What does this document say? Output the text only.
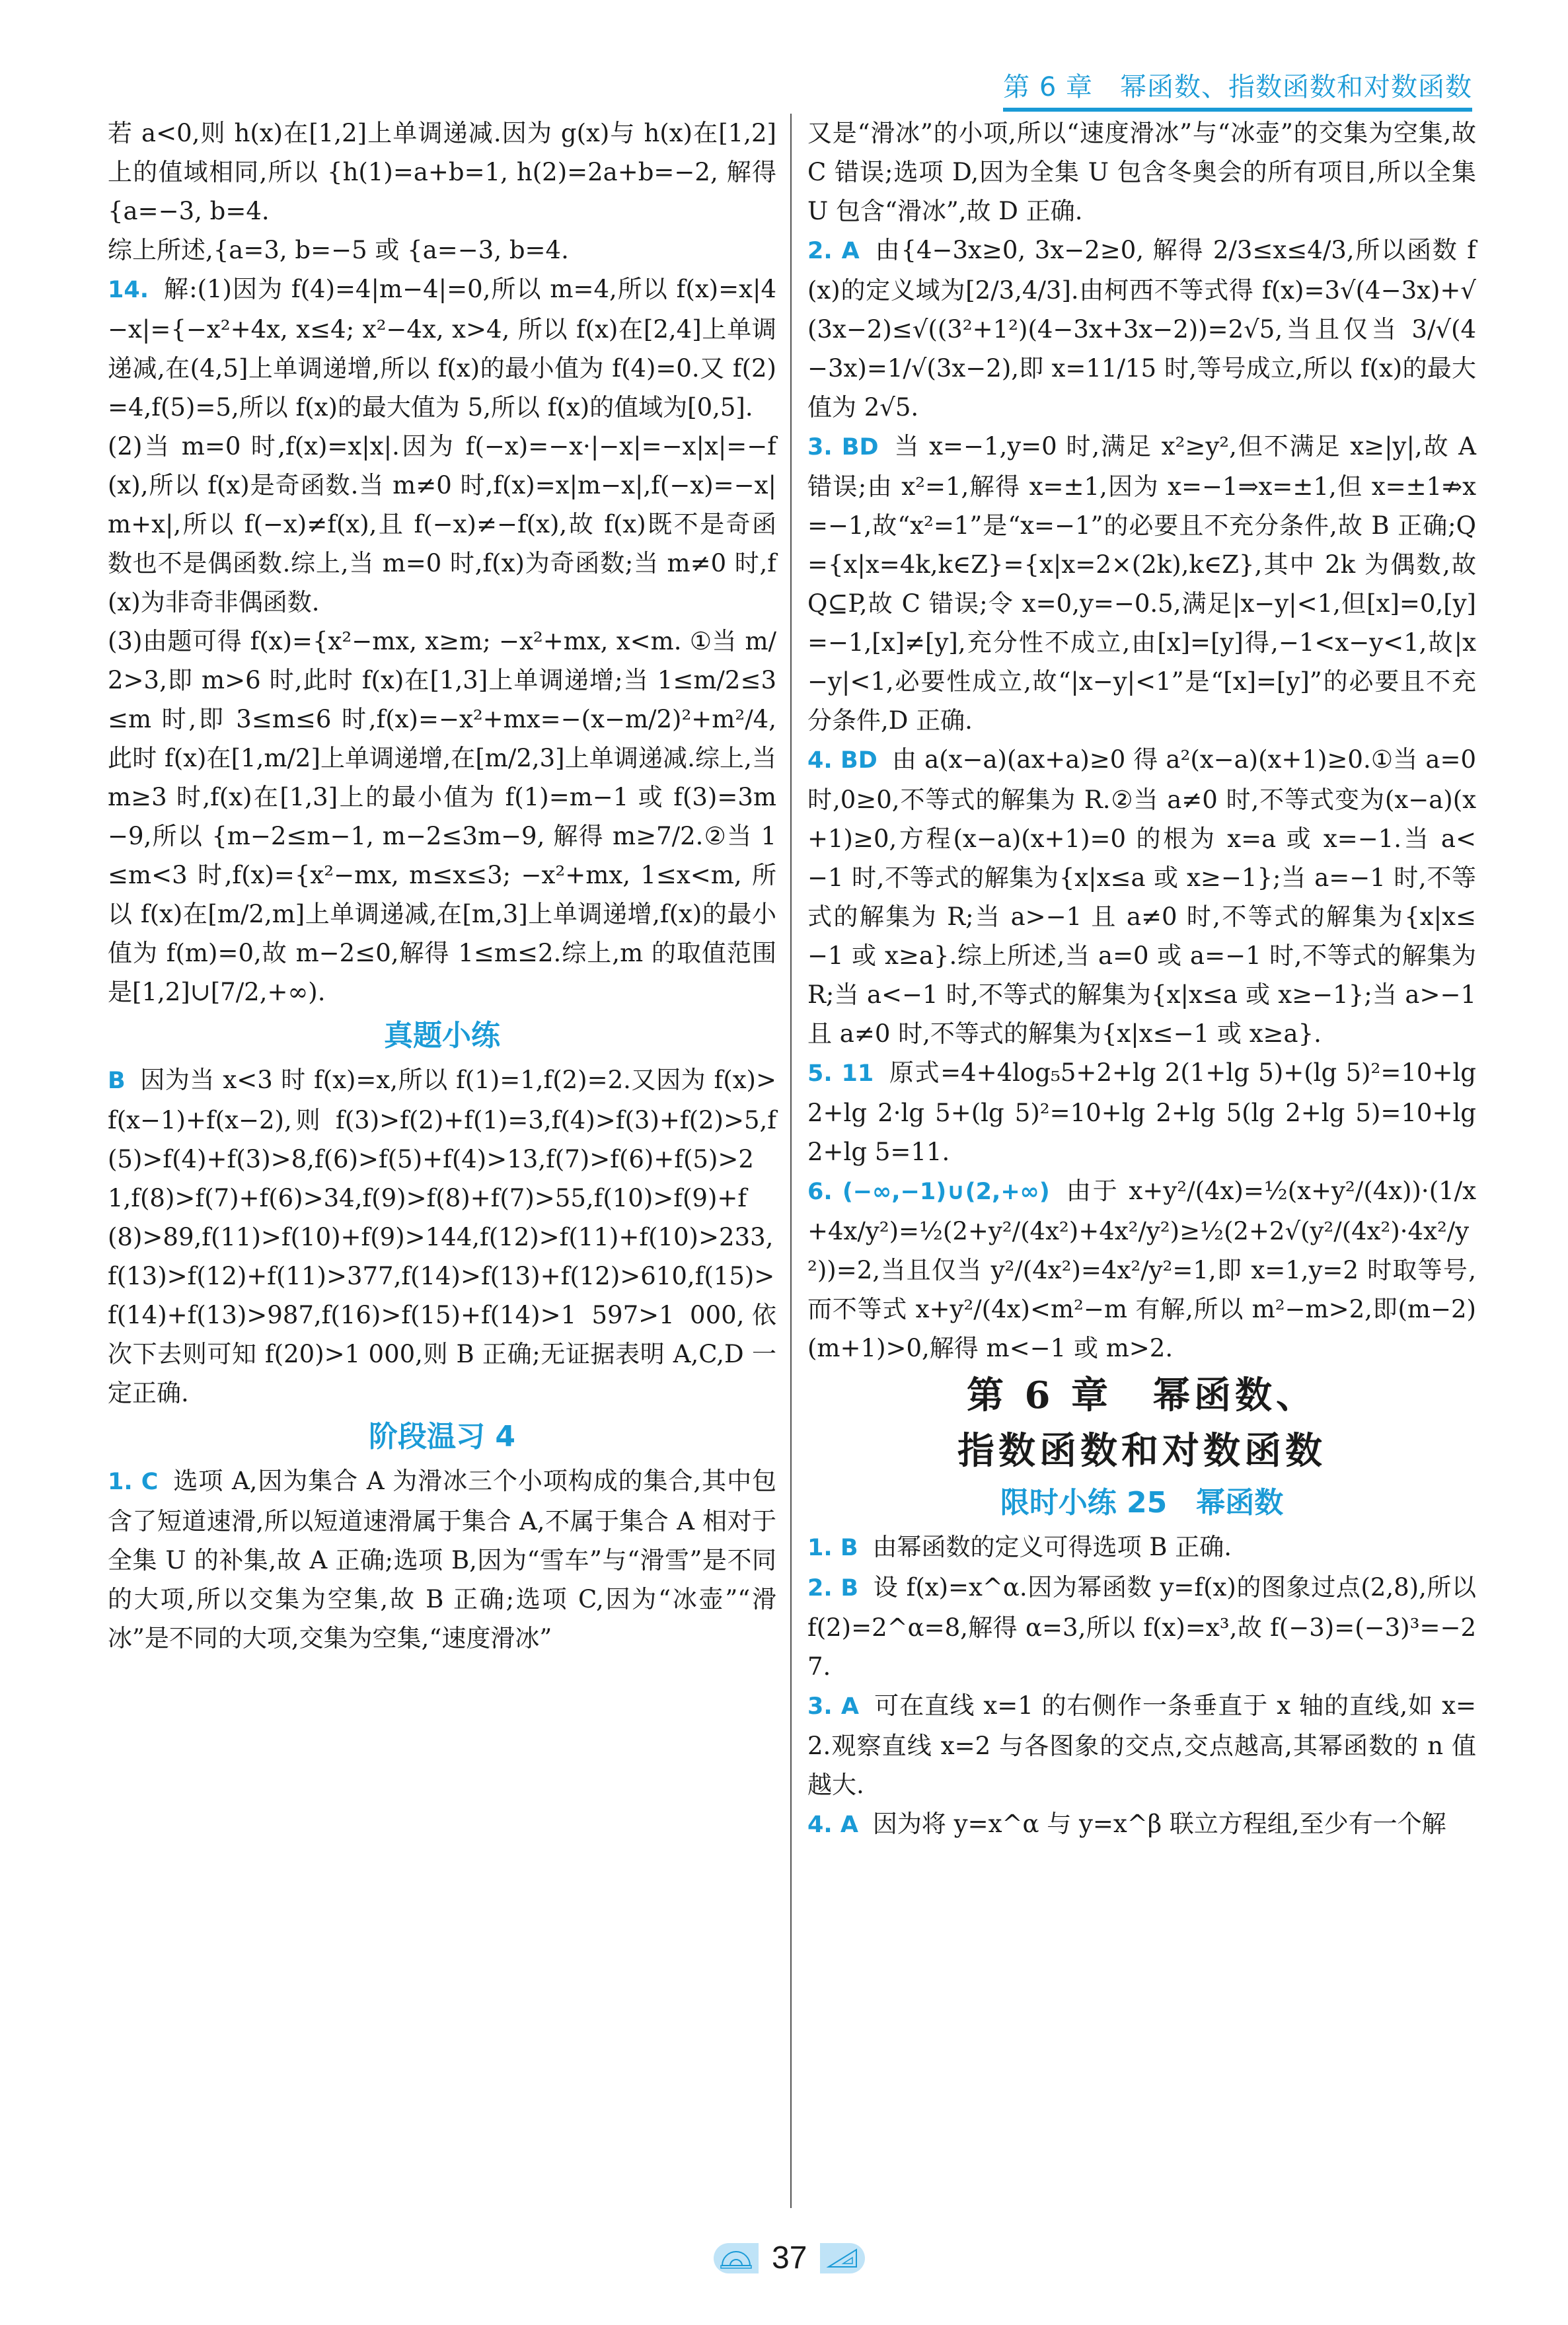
第 6 章　幂函数、指数函数和对数函数

若 a<0,则 h(x)在[1,2]上单调递减.因为 g(x)与 h(x)在[1,2]上的值域相同,所以 {h(1)=a+b=1, h(2)=2a+b=−2, 解得 {a=−3, b=4.

综上所述,{a=3, b=−5 或 {a=−3, b=4.

14. 解:(1)因为 f(4)=4|m−4|=0,所以 m=4,所以 f(x)=x|4−x|={−x²+4x, x≤4; x²−4x, x>4, 所以 f(x)在[2,4]上单调递减,在(4,5]上单调递增,所以 f(x)的最小值为 f(4)=0.又 f(2)=4,f(5)=5,所以 f(x)的最大值为 5,所以 f(x)的值域为[0,5].

(2)当 m=0 时,f(x)=x|x|.因为 f(−x)=−x·|−x|=−x|x|=−f(x),所以 f(x)是奇函数.当 m≠0 时,f(x)=x|m−x|,f(−x)=−x|m+x|,所以 f(−x)≠f(x),且 f(−x)≠−f(x),故 f(x)既不是奇函数也不是偶函数.综上,当 m=0 时,f(x)为奇函数;当 m≠0 时,f(x)为非奇非偶函数.

(3)由题可得 f(x)={x²−mx, x≥m; −x²+mx, x<m. ①当 m/2>3,即 m>6 时,此时 f(x)在[1,3]上单调递增;当 1≤m/2≤3≤m 时,即 3≤m≤6 时,f(x)=−x²+mx=−(x−m/2)²+m²/4,此时 f(x)在[1,m/2]上单调递增,在[m/2,3]上单调递减.综上,当 m≥3 时,f(x)在[1,3]上的最小值为 f(1)=m−1 或 f(3)=3m−9,所以 {m−2≤m−1, m−2≤3m−9, 解得 m≥7/2.②当 1≤m<3 时,f(x)={x²−mx, m≤x≤3; −x²+mx, 1≤x<m, 所以 f(x)在[m/2,m]上单调递减,在[m,3]上单调递增,f(x)的最小值为 f(m)=0,故 m−2≤0,解得 1≤m≤2.综上,m 的取值范围是[1,2]∪[7/2,+∞).

真题小练

B 因为当 x<3 时 f(x)=x,所以 f(1)=1,f(2)=2.又因为 f(x)>f(x−1)+f(x−2),则 f(3)>f(2)+f(1)=3,f(4)>f(3)+f(2)>5,f(5)>f(4)+f(3)>8,f(6)>f(5)+f(4)>13,f(7)>f(6)+f(5)>21,f(8)>f(7)+f(6)>34,f(9)>f(8)+f(7)>55,f(10)>f(9)+f(8)>89,f(11)>f(10)+f(9)>144,f(12)>f(11)+f(10)>233,f(13)>f(12)+f(11)>377,f(14)>f(13)+f(12)>610,f(15)>f(14)+f(13)>987,f(16)>f(15)+f(14)>1 597>1 000,依次下去则可知 f(20)>1 000,则 B 正确;无证据表明 A,C,D 一定正确.

阶段温习 4

1. C 选项 A,因为集合 A 为滑冰三个小项构成的集合,其中包含了短道速滑,所以短道速滑属于集合 A,不属于集合 A 相对于全集 U 的补集,故 A 正确;选项 B,因为“雪车”与“滑雪”是不同的大项,所以交集为空集,故 B 正确;选项 C,因为“冰壶”“滑冰”是不同的大项,交集为空集,“速度滑冰”

又是“滑冰”的小项,所以“速度滑冰”与“冰壶”的交集为空集,故 C 错误;选项 D,因为全集 U 包含冬奥会的所有项目,所以全集 U 包含“滑冰”,故 D 正确.

2. A 由{4−3x≥0, 3x−2≥0, 解得 2/3≤x≤4/3,所以函数 f(x)的定义域为[2/3,4/3].由柯西不等式得 f(x)=3√(4−3x)+√(3x−2)≤√((3²+1²)(4−3x+3x−2))=2√5,当且仅当 3/√(4−3x)=1/√(3x−2),即 x=11/15 时,等号成立,所以 f(x)的最大值为 2√5.

3. BD 当 x=−1,y=0 时,满足 x²≥y²,但不满足 x≥|y|,故 A 错误;由 x²=1,解得 x=±1,因为 x=−1⇒x=±1,但 x=±1⇏x=−1,故“x²=1”是“x=−1”的必要且不充分条件,故 B 正确;Q={x|x=4k,k∈Z}={x|x=2×(2k),k∈Z},其中 2k 为偶数,故 Q⊆P,故 C 错误;令 x=0,y=−0.5,满足|x−y|<1,但[x]=0,[y]=−1,[x]≠[y],充分性不成立,由[x]=[y]得,−1<x−y<1,故|x−y|<1,必要性成立,故“|x−y|<1”是“[x]=[y]”的必要且不充分条件,D 正确.

4. BD 由 a(x−a)(ax+a)≥0 得 a²(x−a)(x+1)≥0.①当 a=0 时,0≥0,不等式的解集为 R.②当 a≠0 时,不等式变为(x−a)(x+1)≥0,方程(x−a)(x+1)=0 的根为 x=a 或 x=−1.当 a<−1 时,不等式的解集为{x|x≤a 或 x≥−1};当 a=−1 时,不等式的解集为 R;当 a>−1 且 a≠0 时,不等式的解集为{x|x≤−1 或 x≥a}.综上所述,当 a=0 或 a=−1 时,不等式的解集为 R;当 a<−1 时,不等式的解集为{x|x≤a 或 x≥−1};当 a>−1 且 a≠0 时,不等式的解集为{x|x≤−1 或 x≥a}.

5. 11 原式=4+4log₅5+2+lg 2(1+lg 5)+(lg 5)²=10+lg 2+lg 2·lg 5+(lg 5)²=10+lg 2+lg 5(lg 2+lg 5)=10+lg 2+lg 5=11.

6. (−∞,−1)∪(2,+∞) 由于 x+y²/(4x)=½(x+y²/(4x))·(1/x+4x/y²)=½(2+y²/(4x²)+4x²/y²)≥½(2+2√(y²/(4x²)·4x²/y²))=2,当且仅当 y²/(4x²)=4x²/y²=1,即 x=1,y=2 时取等号,而不等式 x+y²/(4x)<m²−m 有解,所以 m²−m>2,即(m−2)(m+1)>0,解得 m<−1 或 m>2.

第 6 章　幂函数、
指数函数和对数函数
限时小练 25　幂函数

1. B 由幂函数的定义可得选项 B 正确.

2. B 设 f(x)=x^α.因为幂函数 y=f(x)的图象过点(2,8),所以 f(2)=2^α=8,解得 α=3,所以 f(x)=x³,故 f(−3)=(−3)³=−27.

3. A 可在直线 x=1 的右侧作一条垂直于 x 轴的直线,如 x=2.观察直线 x=2 与各图象的交点,交点越高,其幂函数的 n 值越大.

4. A 因为将 y=x^α 与 y=x^β 联立方程组,至少有一个解

37
